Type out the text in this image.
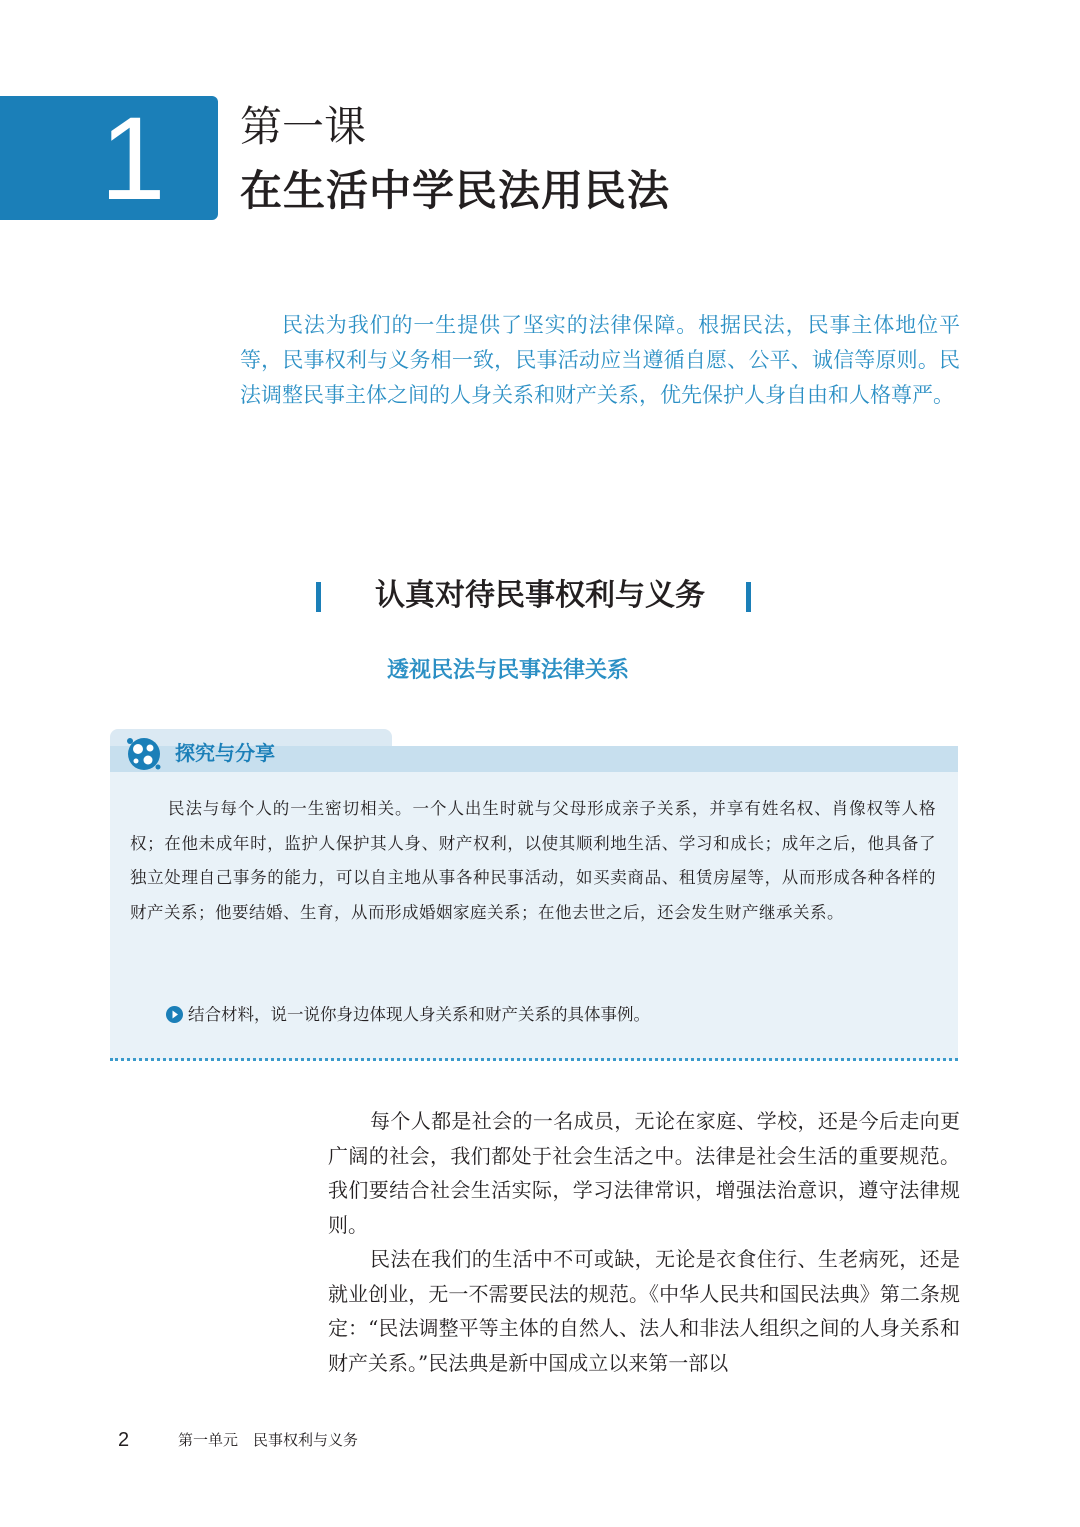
1 第一课
在生活中学民法用民法
民法为我们的一生提供了坚实的法律保障。根据民法，民事主体地位平等，民事权利与义务相一致，民事活动应当遵循自愿、公平、诚信等原则。民法调整民事主体之间的人身关系和财产关系，优先保护人身自由和人格尊严。
认真对待民事权利与义务
透视民法与民事法律关系
探究与分享
民法与每个人的一生密切相关。一个人出生时就与父母形成亲子关系，并享有姓名权、肖像权等人格权；在他未成年时，监护人保护其人身、财产权利，以使其顺利地生活、学习和成长；成年之后，他具备了独立处理自己事务的能力，可以自主地从事各种民事活动，如买卖商品、租赁房屋等，从而形成各种各样的财产关系；他要结婚、生育，从而形成婚姻家庭关系；在他去世之后，还会发生财产继承关系。
结合材料，说一说你身边体现人身关系和财产关系的具体事例。
每个人都是社会的一名成员，无论在家庭、学校，还是今后走向更广阔的社会，我们都处于社会生活之中。法律是社会生活的重要规范。我们要结合社会生活实际，学习法律常识，增强法治意识，遵守法律规则。
民法在我们的生活中不可或缺，无论是衣食住行、生老病死，还是就业创业，无一不需要民法的规范。《中华人民共和国民法典》第二条规定：“民法调整平等主体的自然人、法人和非法人组织之间的人身关系和财产关系。”民法典是新中国成立以来第一部以
2	第一单元　民事权利与义务
